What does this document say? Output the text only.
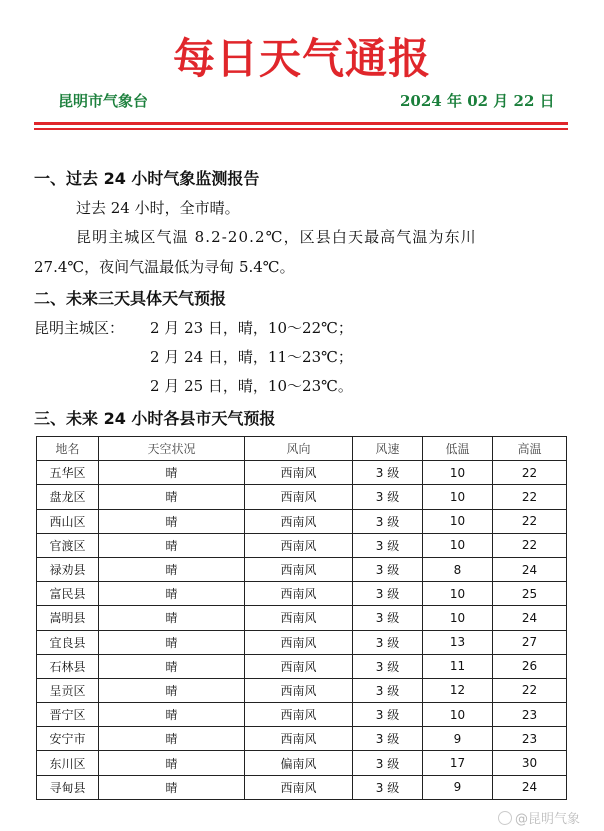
每日天气通报
昆明市气象台	2024 年 02 月 22 日
一、过去 24 小时气象监测报告
过去 24 小时，全市晴。
昆明主城区气温 8.2-20.2℃，区县白天最高气温为东川
27.4℃，夜间气温最低为寻甸 5.4℃。
二、未来三天具体天气预报
昆明主城区： 2 月 23 日，晴，10～22℃；
2 月 24 日，晴，11～23℃；
2 月 25 日，晴，10～23℃。
三、未来 24 小时各县市天气预报
地名	天空状况	风向	风速	低温	高温
五华区	晴	西南风	3 级	10	22
盘龙区	晴	西南风	3 级	10	22
西山区	晴	西南风	3 级	10	22
官渡区	晴	西南风	3 级	10	22
禄劝县	晴	西南风	3 级	8	24
富民县	晴	西南风	3 级	10	25
嵩明县	晴	西南风	3 级	10	24
宜良县	晴	西南风	3 级	13	27
石林县	晴	西南风	3 级	11	26
呈贡区	晴	西南风	3 级	12	22
晋宁区	晴	西南风	3 级	10	23
安宁市	晴	西南风	3 级	9	23
东川区	晴	偏南风	3 级	17	30
寻甸县	晴	西南风	3 级	9	24
@昆明气象
